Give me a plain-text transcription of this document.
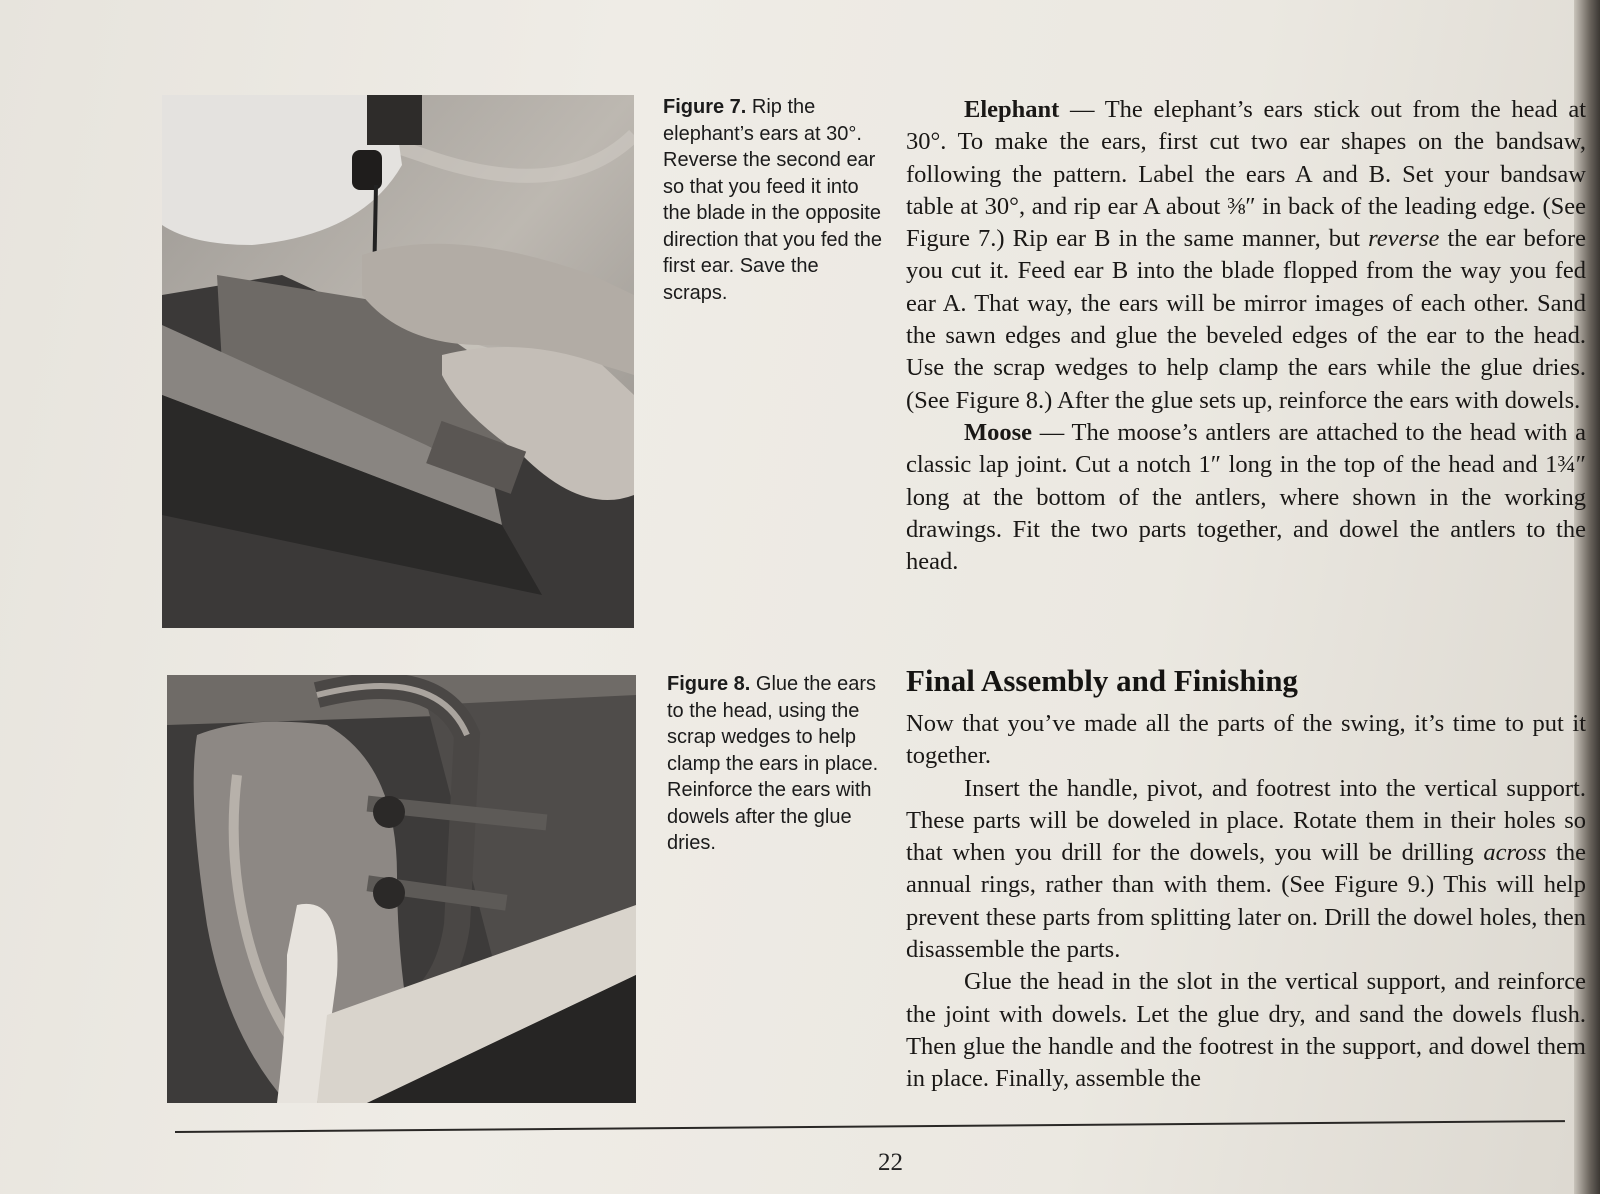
Figure 7. Rip the elephant’s ears at 30°. Reverse the second ear so that you feed it into the blade in the opposite direction that you fed the first ear. Save the scraps.
Figure 8. Glue the ears to the head, using the scrap wedges to help clamp the ears in place. Reinforce the ears with dowels after the glue dries.

Elephant — The elephant’s ears stick out from the head at 30°. To make the ears, first cut two ear shapes on the bandsaw, following the pattern. Label the ears A and B. Set your bandsaw table at 30°, and rip ear A about ⅜″ in back of the leading edge. (See Figure 7.) Rip ear B in the same manner, but reverse the ear before you cut it. Feed ear B into the blade flopped from the way you fed ear A. That way, the ears will be mirror images of each other. Sand the sawn edges and glue the beveled edges of the ear to the head. Use the scrap wedges to help clamp the ears while the glue dries. (See Figure 8.) After the glue sets up, reinforce the ears with dowels.

Moose — The moose’s antlers are attached to the head with a classic lap joint. Cut a notch 1″ long in the top of the head and 1¾″ long at the bottom of the antlers, where shown in the working drawings. Fit the two parts together, and dowel the antlers to the head.

Final Assembly and Finishing

Now that you’ve made all the parts of the swing, it’s time to put it together.

Insert the handle, pivot, and footrest into the vertical support. These parts will be doweled in place. Rotate them in their holes so that when you drill for the dowels, you will be drilling across the annual rings, rather than with them. (See Figure 9.) This will help prevent these parts from splitting later on. Drill the dowel holes, then disassemble the parts.

Glue the head in the slot in the vertical support, and reinforce the joint with dowels. Let the glue dry, and sand the dowels flush. Then glue the handle and the footrest in the support, and dowel them in place. Finally, assemble the

22
